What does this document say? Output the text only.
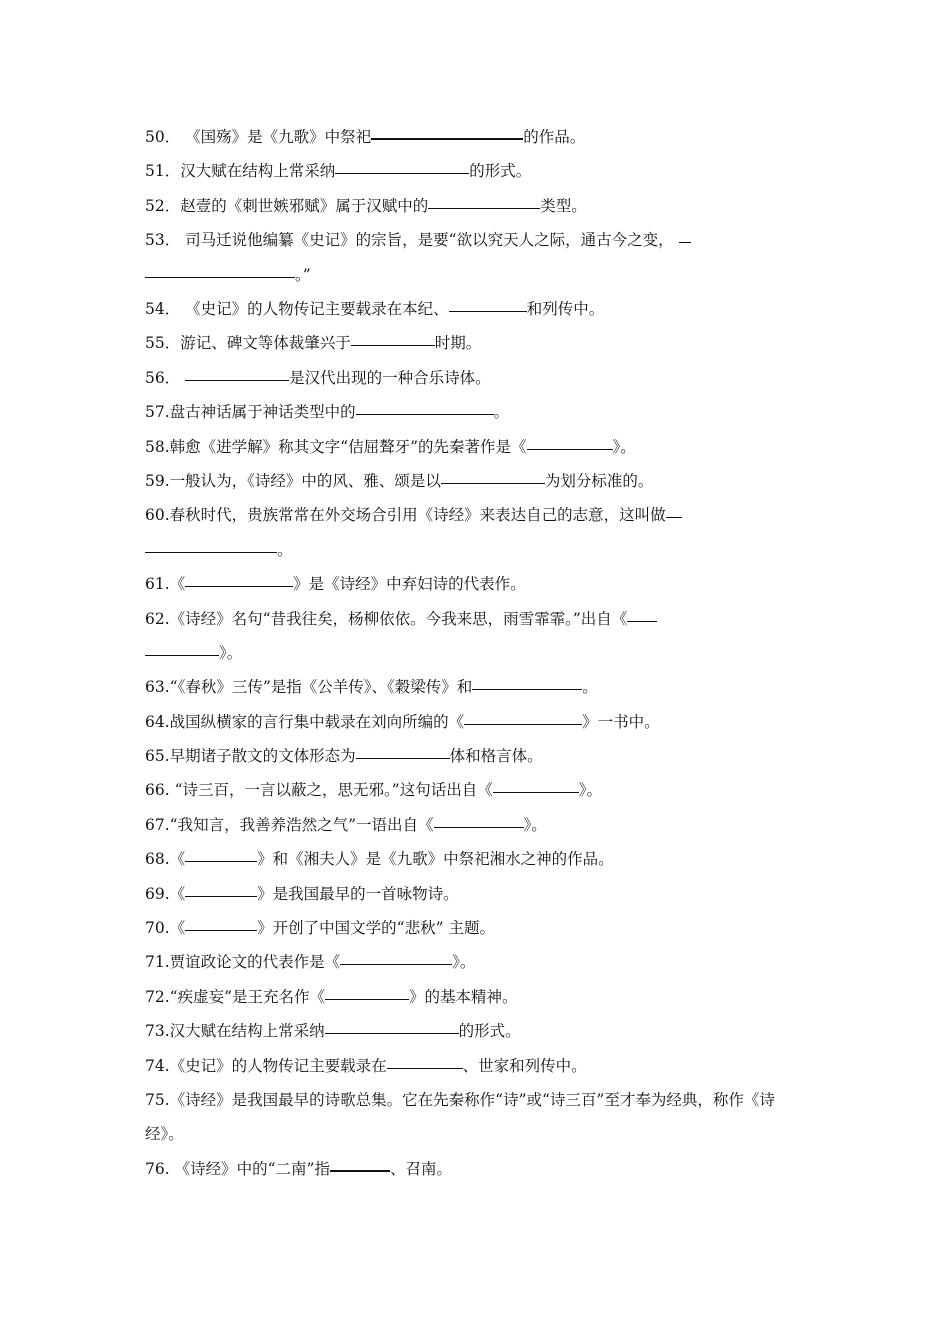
50． 《国殇》是《九歌》中祭祀	的作品。
51．汉大赋在结构上常采纳	的形式。
52．赵壹的《刺世嫉邪赋》属于汉赋中的	类型。
53． 司马迁说他编纂《史记》的宗旨，是要“欲以究天人之际，通古今之变，
。”
54． 《史记》的人物传记主要载录在本纪、	和列传中。
55．游记、碑文等体裁肇兴于	时期。
56．	是汉代出现的一种合乐诗体。
57.盘古神话属于神话类型中的	。
58.韩愈《进学解》称其文字“佶屈聱牙”的先秦著作是《	》。
59.一般认为，《诗经》中的风、雅、颂是以	为划分标准的。
60.春秋时代，贵族常常在外交场合引用《诗经》来表达自己的志意，这叫做
。
61.《	》是《诗经》中弃妇诗的代表作。
62.《诗经》名句“昔我往矣，杨柳依依。今我来思，雨雪霏霏。”出自《
》。
63.“《春秋》三传”是指《公羊传》、《穀梁传》和	。
64.战国纵横家的言行集中载录在刘向所编的《	》一书中。
65.早期诸子散文的文体形态为	体和格言体。
66. “诗三百，一言以蔽之，思无邪。”这句话出自《	》。
67.“我知言，我善养浩然之气”一语出自《	》。
68.《	》和《湘夫人》是《九歌》中祭祀湘水之神的作品。
69.《	》是我国最早的一首咏物诗。
70.《	》开创了中国文学的“悲秋” 主题。
71.贾谊政论文的代表作是《	》。
72.“疾虚妄”是王充名作《	》的基本精神。
73.汉大赋在结构上常采纳	的形式。
74.《史记》的人物传记主要载录在	、世家和列传中。
75.《诗经》是我国最早的诗歌总集。它在先秦称作“诗”或“诗三百”至才奉为经典，称作《诗经》。
76. 《诗经》中的“二南”指	、召南。
